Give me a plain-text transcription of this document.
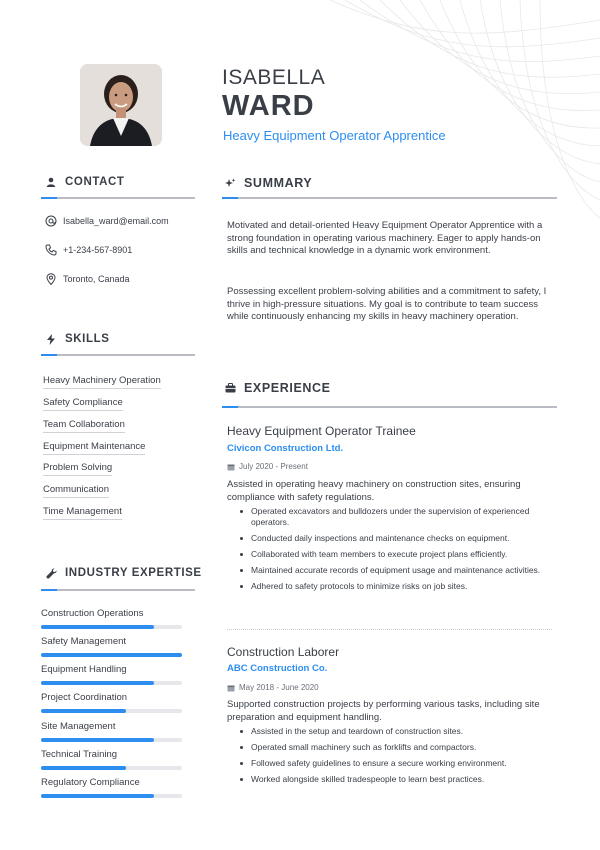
ISABELLA
WARD
Heavy Equipment Operator Apprentice
CONTACT
Isabella_ward@email.com
+1-234-567-8901
Toronto, Canada
SKILLS
Heavy Machinery Operation
Safety Compliance
Team Collaboration
Equipment Maintenance
Problem Solving
Communication
Time Management
INDUSTRY EXPERTISE
Construction Operations
Safety Management
Equipment Handling
Project Coordination
Site Management
Technical Training
Regulatory Compliance
SUMMARY

Motivated and detail-oriented Heavy Equipment Operator Apprentice with a strong foundation in operating various machinery. Eager to apply hands-on skills and technical knowledge in a dynamic work environment.

Possessing excellent problem-solving abilities and a commitment to safety, I thrive in high-pressure situations. My goal is to contribute to team success while continuously enhancing my skills in heavy machinery operation.

EXPERIENCE
Heavy Equipment Operator Trainee
Civicon Construction Ltd.
July 2020 - Present

Assisted in operating heavy machinery on construction sites, ensuring compliance with safety regulations.

Operated excavators and bulldozers under the supervision of experienced operators.
Conducted daily inspections and maintenance checks on equipment.
Collaborated with team members to execute project plans efficiently.
Maintained accurate records of equipment usage and maintenance activities.
Adhered to safety protocols to minimize risks on job sites.
Construction Laborer
ABC Construction Co.
May 2018 - June 2020

Supported construction projects by performing various tasks, including site preparation and equipment handling.

Assisted in the setup and teardown of construction sites.
Operated small machinery such as forklifts and compactors.
Followed safety guidelines to ensure a secure working environment.
Worked alongside skilled tradespeople to learn best practices.
